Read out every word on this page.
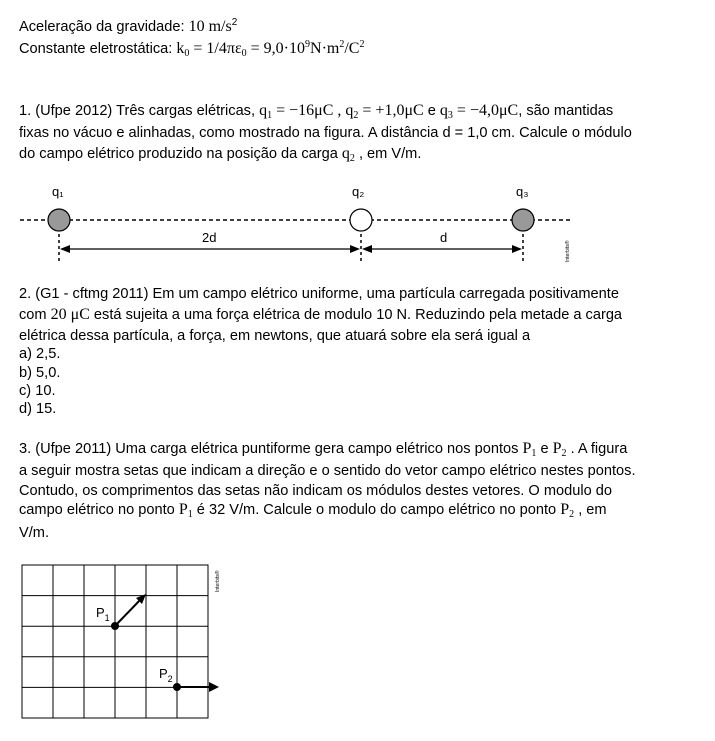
Aceleração da gravidade: 10 $m/s^2$
Constante eletrostática: $k_0 = 1/4\pi\varepsilon_0 = 9,0\cdot 10^9N\cdot m^2/C^2$
1. (Ufpe 2012) Três cargas elétricas, $q_1 = -16\mu C$ , $q_2 = +1,0\mu C$ e $q_3 = -4,0\mu C$, são mantidas
fixas no vácuo e alinhadas, como mostrado na figura. A distância d = 1,0 cm. Calcule o módulo
do campo elétrico produzido na posição da carga $q_2$ , em V/m.
q₁	q₂	q₃
2d	d
Interbits®
2. (G1 - cftmg 2011) Em um campo elétrico uniforme, uma partícula carregada positivamente
com 20 μC está sujeita a uma força elétrica de modulo 10 N. Reduzindo pela metade a carga
elétrica dessa partícula, a força, em newtons, que atuará sobre ela será igual a
a) 2,5.
b) 5,0.
c) 10.
d) 15.
3. (Ufpe 2011) Uma carga elétrica puntiforme gera campo elétrico nos pontos $P_1$ e $P_2$ . A figura
a seguir mostra setas que indicam a direção e o sentido do vetor campo elétrico nestes pontos.
Contudo, os comprimentos das setas não indicam os módulos destes vetores. O modulo do
campo elétrico no ponto $P_1$ é 32 V/m. Calcule o modulo do campo elétrico no ponto $P_2$ , em
V/m.
$P_1$
$P_2$
Interbits®
